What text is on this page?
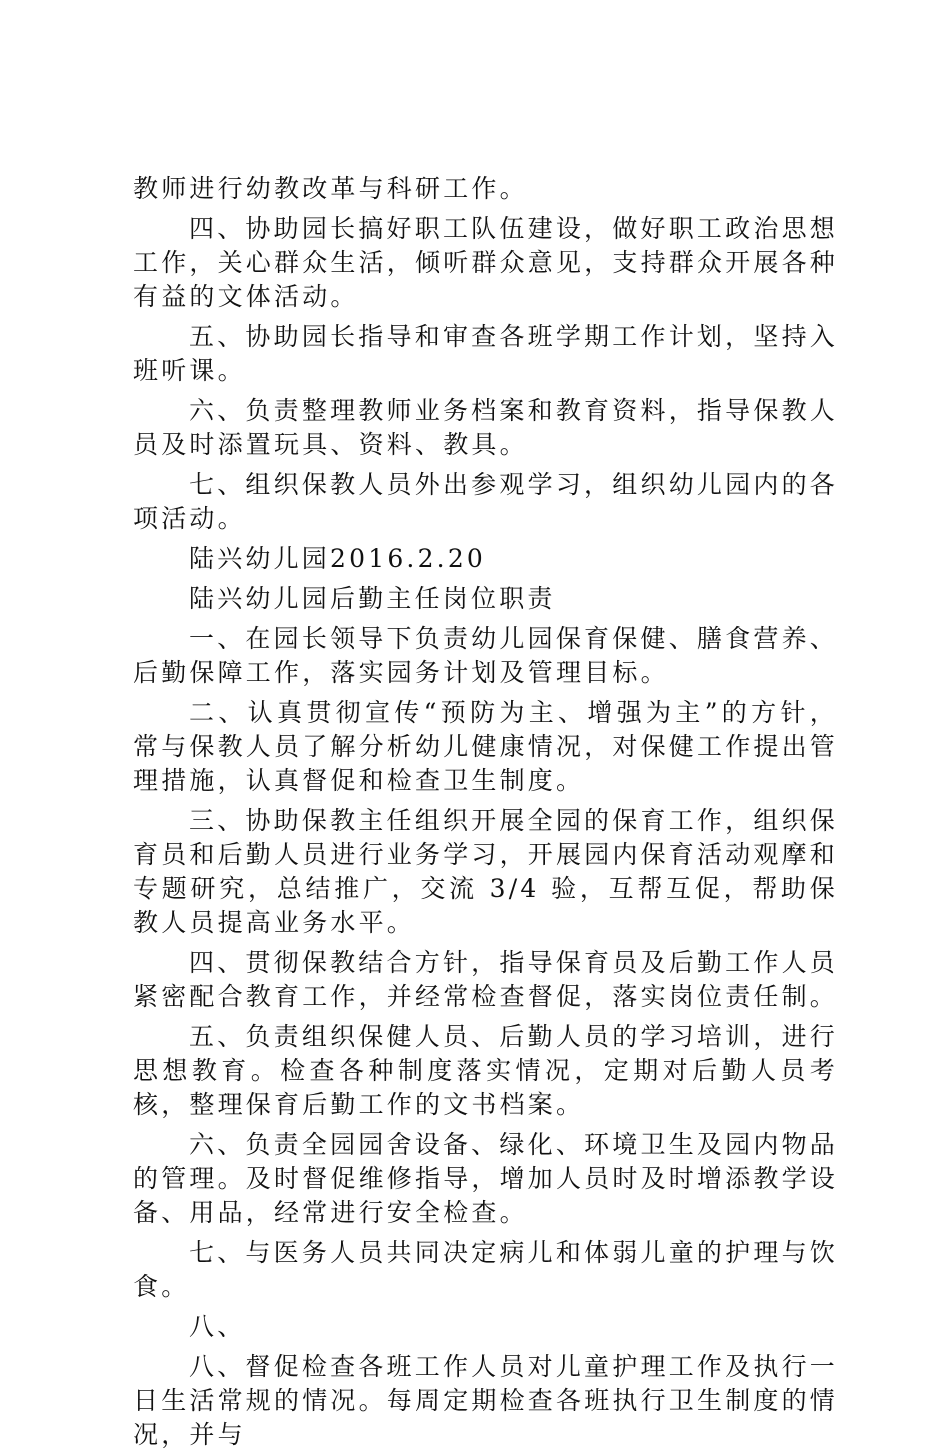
教师进行幼教改革与科研工作。

四、协助园长搞好职工队伍建设，做好职工政治思想工作，关心群众生活，倾听群众意见，支持群众开展各种有益的文体活动。

五、协助园长指导和审查各班学期工作计划，坚持入班听课。

六、负责整理教师业务档案和教育资料，指导保教人员及时添置玩具、资料、教具。

七、组织保教人员外出参观学习，组织幼儿园内的各项活动。

陆兴幼儿园2016.2.20

陆兴幼儿园后勤主任岗位职责

一、在园长领导下负责幼儿园保育保健、膳食营养、后勤保障工作，落实园务计划及管理目标。

二、认真贯彻宣传“预防为主、增强为主”的方针，常与保教人员了解分析幼儿健康情况，对保健工作提出管理措施，认真督促和检查卫生制度。

三、协助保教主任组织开展全园的保育工作，组织保育员和后勤人员进行业务学习，开展园内保育活动观摩和专题研究，总结推广，交流 3/4 验，互帮互促，帮助保教人员提高业务水平。

四、贯彻保教结合方针，指导保育员及后勤工作人员紧密配合教育工作，并经常检查督促，落实岗位责任制。

五、负责组织保健人员、后勤人员的学习培训，进行思想教育。检查各种制度落实情况，定期对后勤人员考核，整理保育后勤工作的文书档案。

六、负责全园园舍设备、绿化、环境卫生及园内物品的管理。及时督促维修指导，增加人员时及时增添教学设备、用品，经常进行安全检查。

七、与医务人员共同决定病儿和体弱儿童的护理与饮食。

八、

八、督促检查各班工作人员对儿童护理工作及执行一日生活常规的情况。每周定期检查各班执行卫生制度的情况，并与
